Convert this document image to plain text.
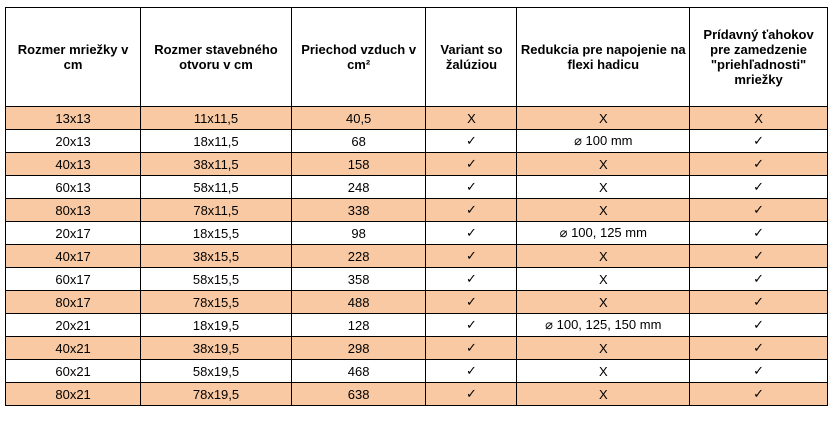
Rozmer mriežky v cm	Rozmer stavebného otvoru v cm	Priechod vzduch v cm²	Variant so žalúziou	Redukcia pre napojenie na flexi hadicu	Prídavný ťahokov pre zamedzenie "priehľadnosti" mriežky
13x13	11x11,5	40,5	X	X	X
20x13	18x11,5	68	✓	⌀ 100 mm	✓
40x13	38x11,5	158	✓	X	✓
60x13	58x11,5	248	✓	X	✓
80x13	78x11,5	338	✓	X	✓
20x17	18x15,5	98	✓	⌀ 100, 125 mm	✓
40x17	38x15,5	228	✓	X	✓
60x17	58x15,5	358	✓	X	✓
80x17	78x15,5	488	✓	X	✓
20x21	18x19,5	128	✓	⌀ 100, 125, 150 mm	✓
40x21	38x19,5	298	✓	X	✓
60x21	58x19,5	468	✓	X	✓
80x21	78x19,5	638	✓	X	✓
